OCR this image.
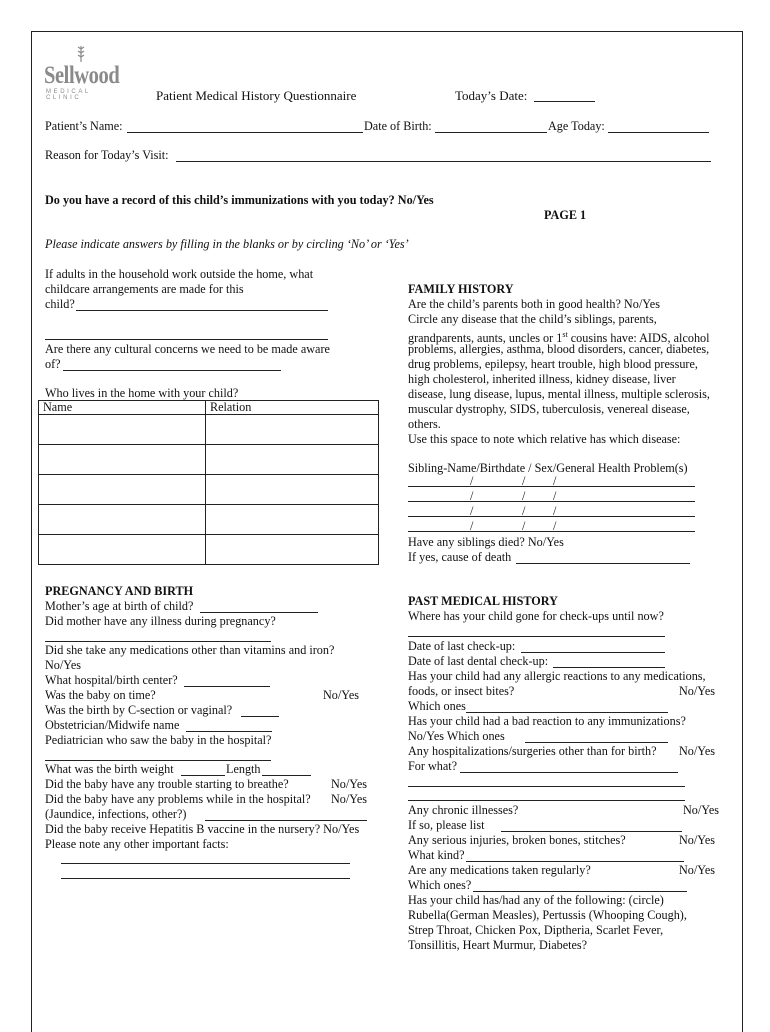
Sellwood
MEDICAL CLINIC	Patient Medical History Questionnaire	Today’s Date:
Patient’s Name:	Date of Birth:	Age Today:
Reason for Today’s Visit:
Do you have a record of this child’s immunizations with you today? No/Yes
PAGE 1
Please indicate answers by filling in the blanks or by circling ‘No’ or ‘Yes’
If adults in the household work outside the home, what
childcare arrangements are made for this
child?
Are there any cultural concerns we need to be made aware
of?
Who lives in the home with your child?
Name	Relation

PREGNANCY AND BIRTH
Mother’s age at birth of child?
Did mother have any illness during pregnancy?
Did she take any medications other than vitamins and iron?
No/Yes
What hospital/birth center?
Was the baby on time?	No/Yes
Was the birth by C-section or vaginal?
Obstetrician/Midwife name
Pediatrician who saw the baby in the hospital?
What was the birth weight	Length
Did the baby have any trouble starting to breathe?	No/Yes
Did the baby have any problems while in the hospital? No/Yes
(Jaundice, infections, other?)
Did the baby receive Hepatitis B vaccine in the nursery? No/Yes
Please note any other important facts:
FAMILY HISTORY
Are the child’s parents both in good health? No/Yes
Circle any disease that the child’s siblings, parents,
grandparents, aunts, uncles or 1st cousins have: AIDS, alcohol
problems, allergies, asthma, blood disorders, cancer, diabetes,
drug problems, epilepsy, heart trouble, high blood pressure,
high cholesterol, inherited illness, kidney disease, liver
disease, lung disease, lupus, mental illness, multiple sclerosis,
muscular dystrophy, SIDS, tuberculosis, venereal disease,
others.
Use this space to note which relative has which disease:
Sibling-Name/Birthdate / Sex/General Health Problem(s)
/	/ /
/	/ /
/	/ /
/	/ /
Have any siblings died? No/Yes
If yes, cause of death
PAST MEDICAL HISTORY
Where has your child gone for check-ups until now?
Date of last check-up:
Date of last dental check-up:
Has your child had any allergic reactions to any medications,
foods, or insect bites?	No/Yes
Which ones
Has your child had a bad reaction to any immunizations?
No/Yes Which ones
Any hospitalizations/surgeries other than for birth? No/Yes
For what?
Any chronic illnesses?	No/Yes
If so, please list
Any serious injuries, broken bones, stitches?	No/Yes
What kind?
Are any medications taken regularly?	No/Yes
Which ones?
Has your child has/had any of the following: (circle)
Rubella(German Measles), Pertussis (Whooping Cough),
Strep Throat, Chicken Pox, Diptheria, Scarlet Fever,
Tonsillitis, Heart Murmur, Diabetes?
